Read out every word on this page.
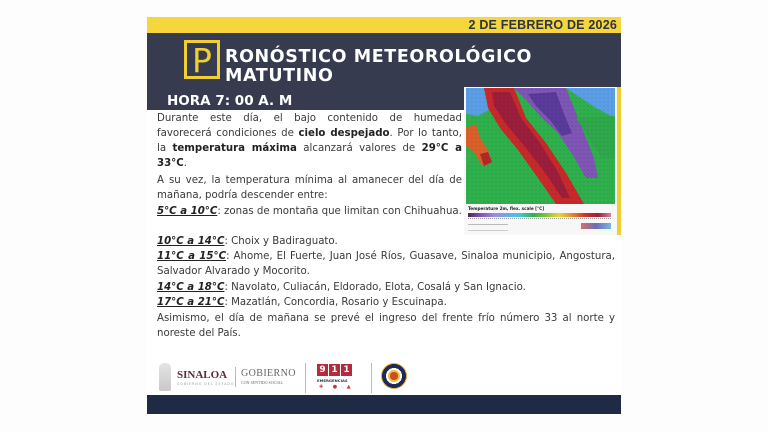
2 DE FEBRERO DE 2026
P RONÓSTICO METEOROLÓGICO
MATUTINO
HORA 7: 00 A. M
Temperature 2m, flex. scale [°C]
Durante este día, el bajo contenido de humedad favorecerá condiciones de cielo despejado. Por lo tanto, la temperatura máxima alcanzará valores de 29°C a 33°C.
A su vez, la temperatura mínima al amanecer del día de mañana, podría descender entre:
5°C a 10°C: zonas de montaña que limitan con Chihuahua.
10°C a 14°C: Choix y Badiraguato.
11°C a 15°C: Ahome, El Fuerte, Juan José Ríos, Guasave, Sinaloa municipio, Angostura, Salvador Alvarado y Mocorito.
14°C a 18°C: Navolato, Culiacán, Eldorado, Elota, Cosalá y San Ignacio.
17°C a 21°C: Mazatlán, Concordia, Rosario y Escuinapa.
Asimismo, el día de mañana se prevé el ingreso del frente frío número 33 al norte y noreste del País.
SINALOA
GOBIERNO DEL ESTADO
GOBIERNO
CON SENTIDO SOCIAL
9 1 1
EMERGENCIAS
✚ ● ▲
